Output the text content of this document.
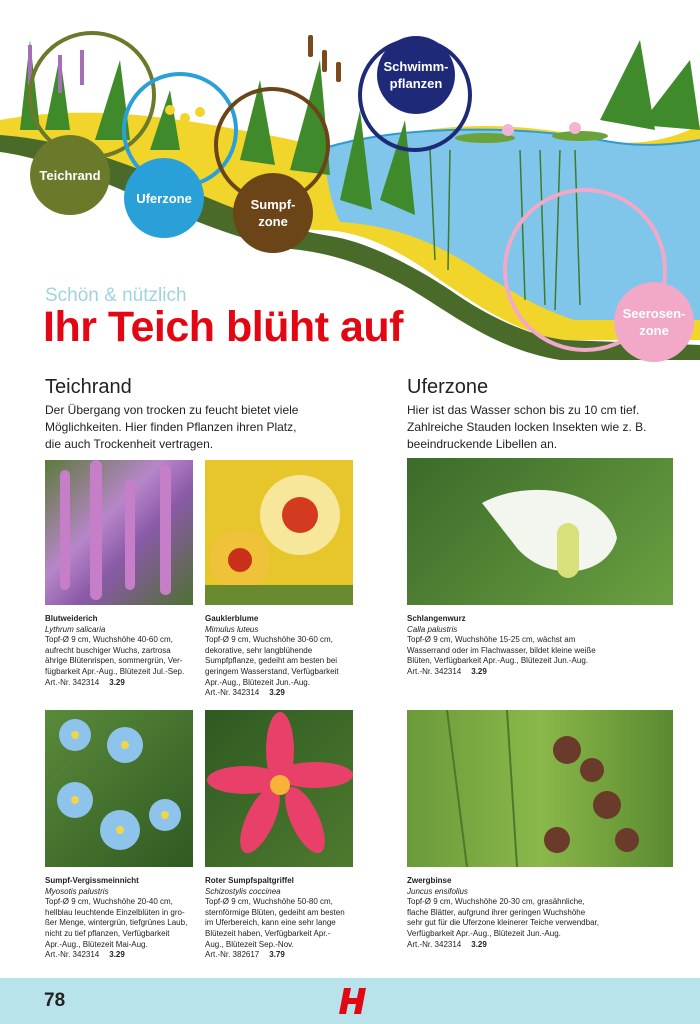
Teichrand
Uferzone	Sumpf-
zone
Schwimm-
pflanzen
Seerosen-
zone
Schön & nützlich
Ihr Teich blüht auf
Teichrand
Der Übergang von trocken zu feucht bietet viele
Möglichkeiten. Hier finden Pflanzen ihren Platz,
die auch Trockenheit vertragen.
Uferzone
Hier ist das Wasser schon bis zu 10 cm tief.
Zahlreiche Stauden locken Insekten wie z. B.
beeindruckende Libellen an.
Blutweiderich
Lythrum salicaria
Topf-Ø 9 cm, Wuchshöhe 40-60 cm,
aufrecht buschiger Wuchs, zartrosa
ährige Blütenrispen, sommergrün, Ver-
fügbarkeit Apr.-Aug., Blütezeit Jul.-Sep.
Art.-Nr. 342314 3.29
Gauklerblume
Mimulus luteus
Topf-Ø 9 cm, Wuchshöhe 30-60 cm,
dekorative, sehr langblühende
Sumpfpflanze, gedeiht am besten bei
geringem Wasserstand, Verfügbarkeit
Apr.-Aug., Blütezeit Jun.-Aug.
Art.-Nr. 342314 3.29
Schlangenwurz
Calla palustris
Topf-Ø 9 cm, Wuchshöhe 15-25 cm, wächst am
Wasserrand oder im Flachwasser, bildet kleine weiße
Blüten, Verfügbarkeit Apr.-Aug., Blütezeit Jun.-Aug.
Art.-Nr. 342314 3.29
Sumpf-Vergissmeinnicht
Myosotis palustris
Topf-Ø 9 cm, Wuchshöhe 20-40 cm,
hellblau leuchtende Einzelblüten in gro-
ßer Menge, wintergrün, tiefgrünes Laub,
nicht zu tief pflanzen, Verfügbarkeit
Apr.-Aug., Blütezeit Mai-Aug.
Art.-Nr. 342314 3.29
Roter Sumpfspaltgriffel
Schizostylis coccinea
Topf-Ø 9 cm, Wuchshöhe 50-80 cm,
sternförmige Blüten, gedeiht am besten
im Uferbereich, kann eine sehr lange
Blütezeit haben, Verfügbarkeit Apr.-
Aug., Blütezeit Sep.-Nov.
Art.-Nr. 382617 3.79
Zwergbinse
Juncus ensifolius
Topf-Ø 9 cm, Wuchshöhe 20-30 cm, grasähnliche,
flache Blätter, aufgrund ihrer geringen Wuchshöhe
sehr gut für die Uferzone kleinerer Teiche verwendbar,
Verfügbarkeit Apr.-Aug., Blütezeit Jun.-Aug.
Art.-Nr. 342314 3.29
78
